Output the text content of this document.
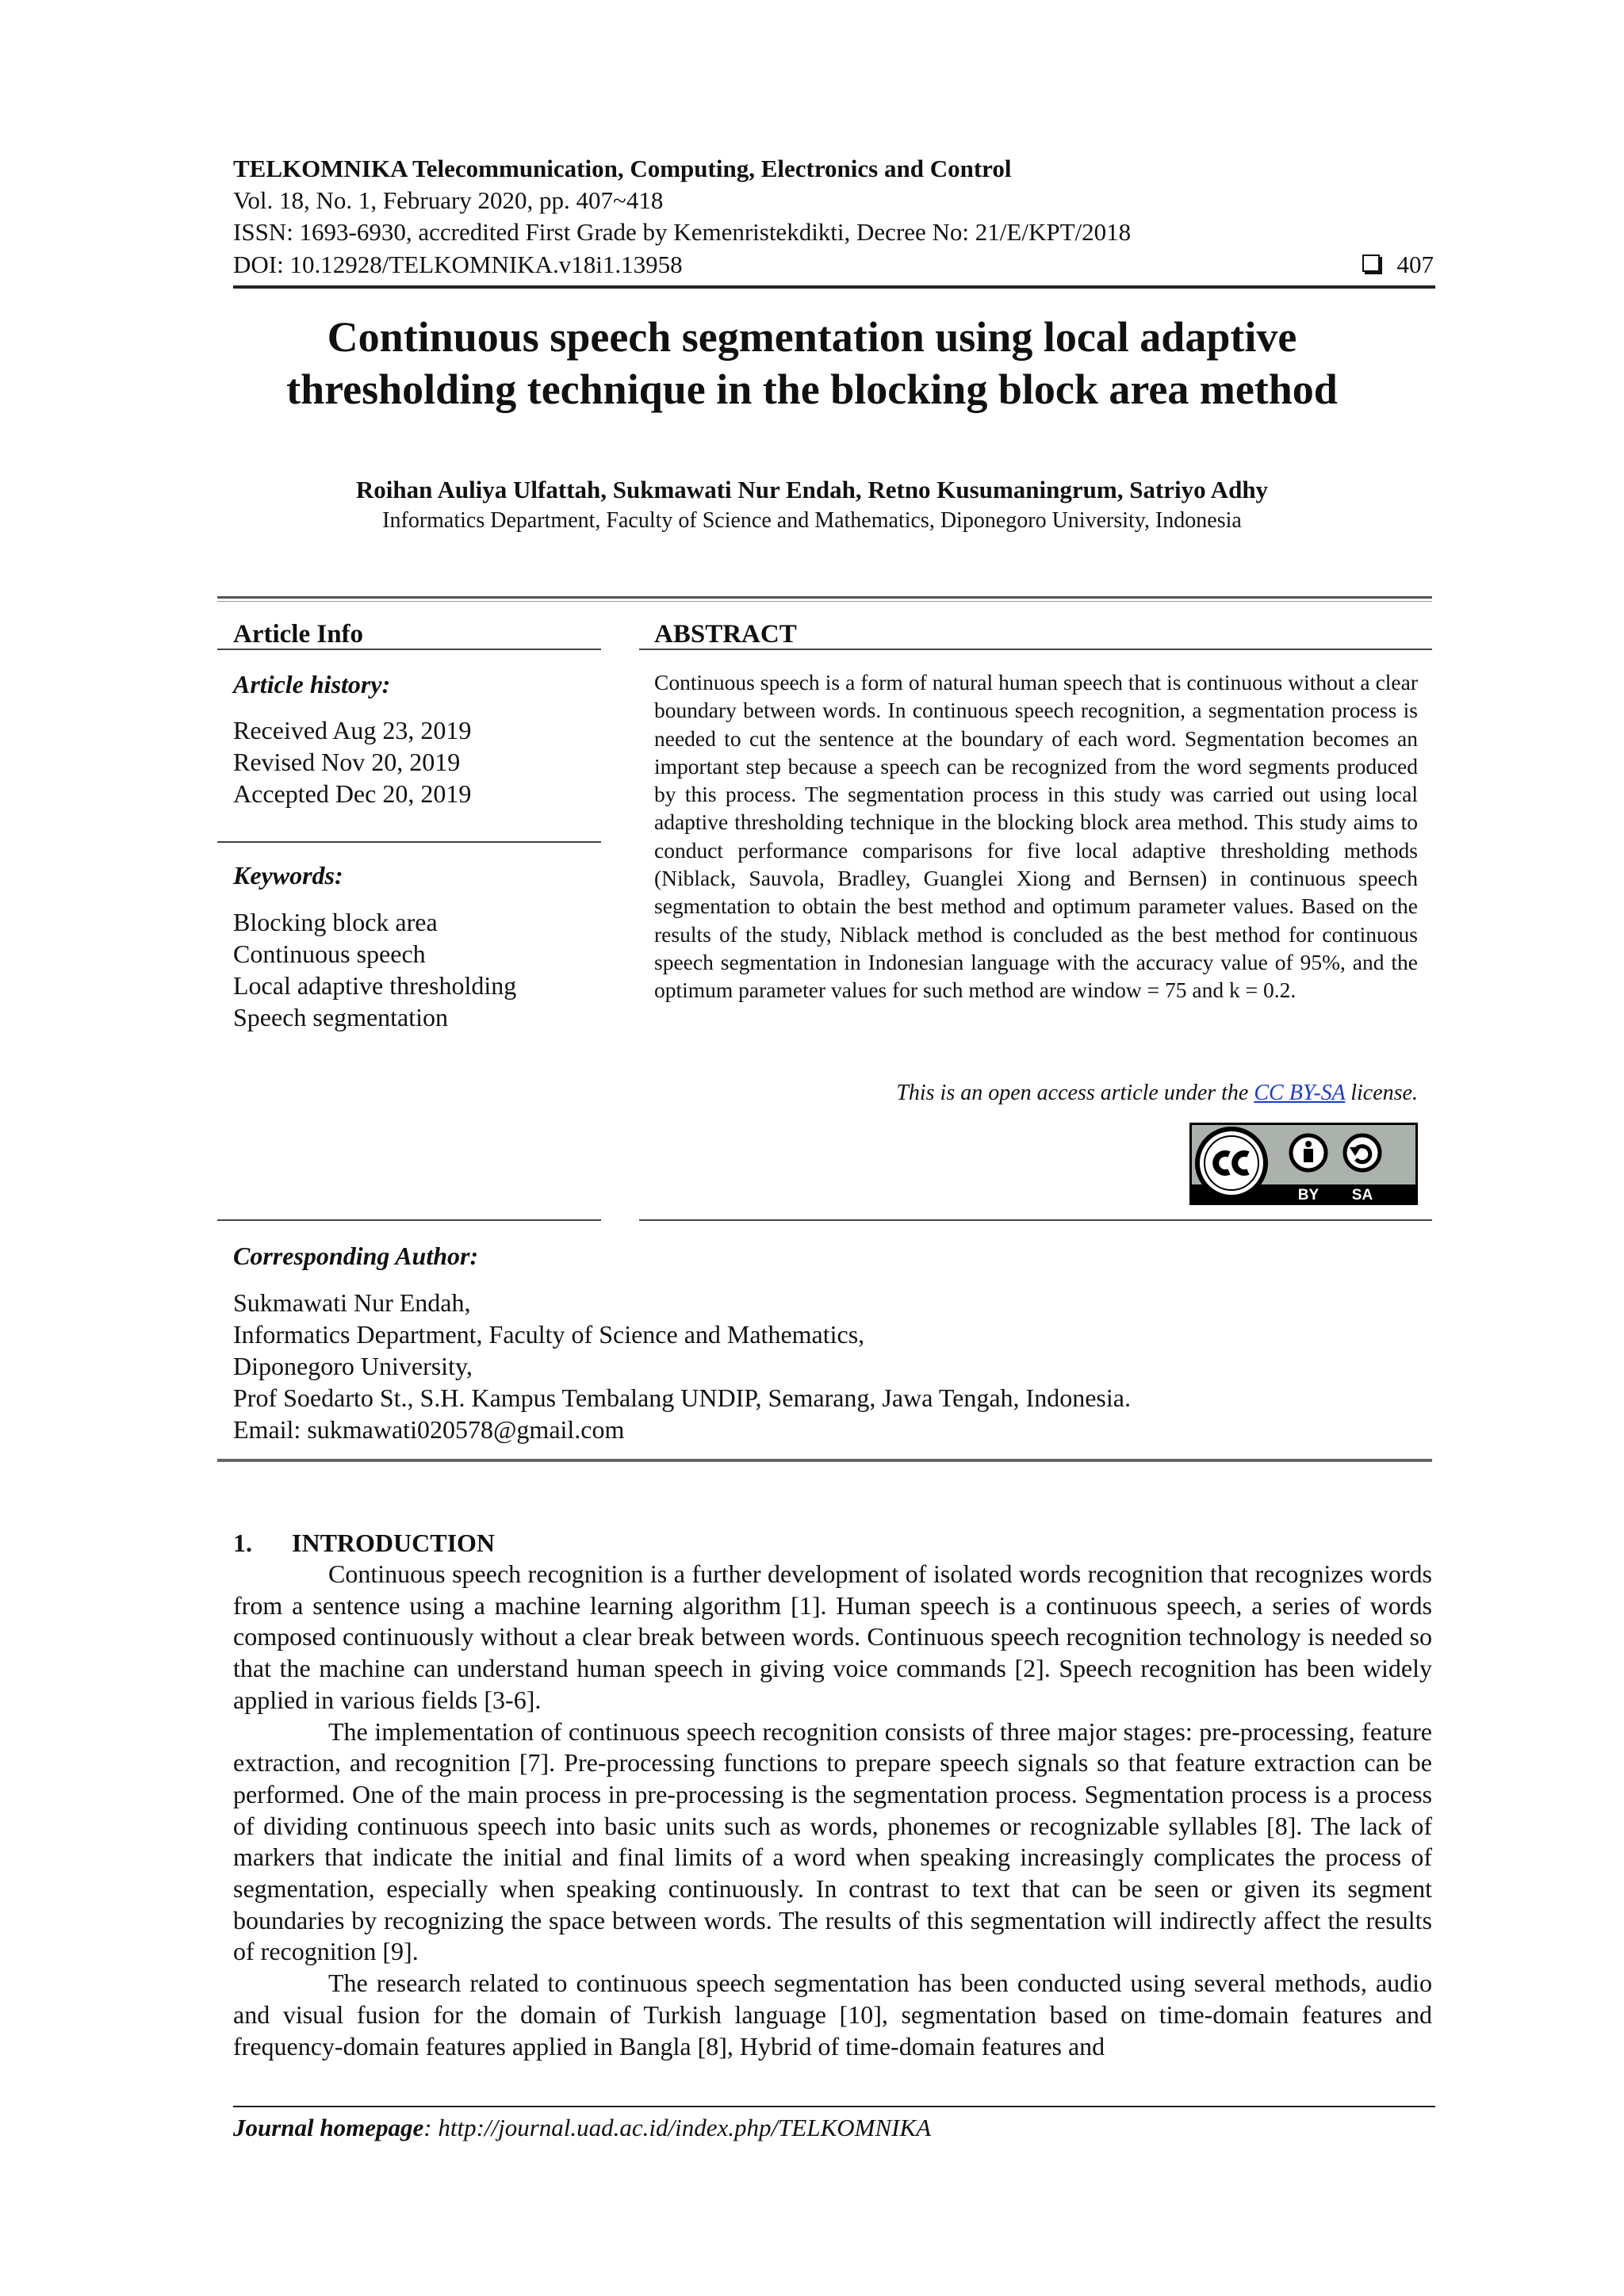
TELKOMNIKA Telecommunication, Computing, Electronics and Control
Vol. 18, No. 1, February 2020, pp. 407~418
ISSN: 1693-6930, accredited First Grade by Kemenristekdikti, Decree No: 21/E/KPT/2018
DOI: 10.12928/TELKOMNIKA.v18i1.13958	407
Continuous speech segmentation using local adaptive
thresholding technique in the blocking block area method
Roihan Auliya Ulfattah, Sukmawati Nur Endah, Retno Kusumaningrum, Satriyo Adhy
Informatics Department, Faculty of Science and Mathematics, Diponegoro University, Indonesia
Article Info
Article history:
Received Aug 23, 2019
Revised Nov 20, 2019
Accepted Dec 20, 2019
Keywords:
Blocking block area
Continuous speech
Local adaptive thresholding
Speech segmentation
ABSTRACT
Continuous speech is a form of natural human speech that is continuous without a clear boundary between words. In continuous speech recognition, a segmentation process is needed to cut the sentence at the boundary of each word. Segmentation becomes an important step because a speech can be recognized from the word segments produced by this process. The segmentation process in this study was carried out using local adaptive thresholding technique in the blocking block area method. This study aims to conduct performance comparisons for five local adaptive thresholding methods (Niblack, Sauvola, Bradley, Guanglei Xiong and Bernsen) in continuous speech segmentation to obtain the best method and optimum parameter values. Based on the results of the study, Niblack method is concluded as the best method for continuous speech segmentation in Indonesian language with the accuracy value of 95%, and the optimum parameter values for such method are window = 75 and k = 0.2.
This is an open access article under the CC BY-SA license.
BY SA
Corresponding Author:
Sukmawati Nur Endah,
Informatics Department, Faculty of Science and Mathematics,
Diponegoro University,
Prof Soedarto St., S.H. Kampus Tembalang UNDIP, Semarang, Jawa Tengah, Indonesia.
Email: sukmawati020578@gmail.com
1. INTRODUCTION

Continuous speech recognition is a further development of isolated words recognition that recognizes words from a sentence using a machine learning algorithm [1]. Human speech is a continuous speech, a series of words composed continuously without a clear break between words. Continuous speech recognition technology is needed so that the machine can understand human speech in giving voice commands [2]. Speech recognition has been widely applied in various fields [3-6].

The implementation of continuous speech recognition consists of three major stages: pre-processing, feature extraction, and recognition [7]. Pre-processing functions to prepare speech signals so that feature extraction can be performed. One of the main process in pre-processing is the segmentation process. Segmentation process is a process of dividing continuous speech into basic units such as words, phonemes or recognizable syllables [8]. The lack of markers that indicate the initial and final limits of a word when speaking increasingly complicates the process of segmentation, especially when speaking continuously. In contrast to text that can be seen or given its segment boundaries by recognizing the space between words. The results of this segmentation will indirectly affect the results of recognition [9].

The research related to continuous speech segmentation has been conducted using several methods, audio and visual fusion for the domain of Turkish language [10], segmentation based on time-domain features and frequency-domain features applied in Bangla [8], Hybrid of time-domain features and

Journal homepage: http://journal.uad.ac.id/index.php/TELKOMNIKA
